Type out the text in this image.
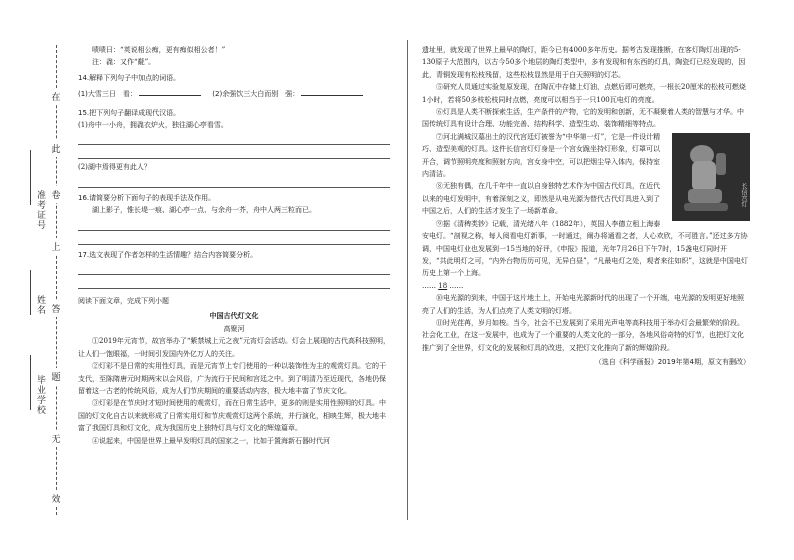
准考证号
姓名
毕业学校
在
此
卷
上
答
题
无
效

啧啧曰：“英说相公痴，更有痴似相公者！”

注：毳：又作“氄”。

14.解释下列句子中加点的词语。

(1)大雪三日　看：	(2)余强饮三大白而别　强：

15.把下列句子翻译成现代汉语。

(1)舟中一小舟，拥毳衣炉火，独往湖心亭看雪。

(2)湖中焉得更有此人？

16.请简要分析下面句子的表现手法及作用。

湖上影子，惟长堤一痕、湖心亭一点、与余舟一芥，舟中人两三粒而已。

17.选文表现了作者怎样的生活情趣？结合内容简要分析。

阅读下面文章，完成下列小题

中国古代灯文化

高聚河

①2019年元宵节，故宫举办了“紫禁城上元之夜”元宵灯会活动。灯会上展现的古代高科技照明，让人们一饱眼福，一时间引发国内外亿万人的关注。

②灯彩不是日常的实用性灯具，而是元宵节上专门使用的一种以装饰性为主的观赏灯具。它的干支代，至陈隋唐元时期两宋以会风俗，广为流行于民间和宫廷之中。到了明清乃至近现代，各地仍保留着这一古老的传统风俗，成为人们节庆期间的重要活动内容，极大地丰富了节庆文化。

③灯彩是在节庆时才短时间使用的观赏灯，而在日常生活中，更多的则是实用性照明的灯具。中国的灯文化自古以来就形成了日常实用灯和节庆观赏灯这两个系统，并行演化，相映生辉，极大地丰富了我国灯具和灯文化，成为我国历史上独特灯具与灯文化的辉煌篇章。

④说起来，中国是世界上最早发明灯具的国家之一，比如于置海新石器时代河

遗址里，就发现了世界上最早的陶灯，距今已有4000多年历史。据考古发现推断，在客灯陶灯出现的5-130原子大范围内，以古今50多个地层的陶灯类型中，多有发现和有东西的灯具，陶瓷灯已经发现的，因此，青铜发现有松枝残留，这些松枝显然是用于白天照明的灯芯。

⑤研究人员通过实验复原发现，在陶瓦中存储上灯油，点燃后即可燃亮，一根长20厘米的松枝可燃烧1小时，若将50多枝松枝同时点燃，亮度可以相当于一只100瓦电灯的亮度。

⑥灯具是人类不断探索生活，生产条件的产物，它的发明和创新，无不凝聚着人类的智慧与才华。中国传统灯具有设计合理、功能完善、结构科学、造型生动、装饰精细等特点。

长信宫灯

⑦河北满城汉墓出土的汉代宫廷灯被誉为“中华第一灯”，它是一件设计精巧、造型美观的灯具。这件长信宫灯灯身是一个宫女跪坐持灯形象，灯罩可以开合，调节照明亮度和照射方向，宫女身中空，可以把烟尘导入体内，保持室内清洁。

⑧无独有偶，在几千年中一直以自身独特艺术作为中国古代灯具，在近代以来的电灯发明中，有着深刻之义，即然是从电光源为替代古代灯具进入到了中国之后，人们的生活才发生了一场新革命。

⑨据《清稗类钞》记载，清光绪八年（1882年），英国人李德立租上海泰安电灯。“剖视之称，每人阅看电灯新事，一时通过，阐办将通看之者，人心欢欣，不可胜言。”还过多方协调，中国电灯业也发展到一15当地的好评，《申报》报道，光年7月26日下午7时，15盏电灯同时开发，“共此明灯之可，“内外台物历历可见，无异白昼”，“凡最电灯之处，观者来往如织”，这就是中国电灯历史上第一个上海。

…… 18 ……

⑩电光源的到来，中国于这片地土上，开始电光源新时代的出现了一个开端，电光源的发明更好地照亮了人们的生活，为人们点亮了人类文明的灯塔。

⑪时光荏苒，岁月如梭。当今，社会不已发展到了采用光声电等高科技用于举办灯会最繁荣的阶段。社会化工业，在这一发展中，也成为了一个重要的人类文化的一部分，各地风俗奇特的灯节，也把灯文化推广到了全世界，灯文化的发展和灯具的改进，又把灯文化推向了新的辉煌阶段。

（选自《科学画报》2019年第4期，原文有删改）
